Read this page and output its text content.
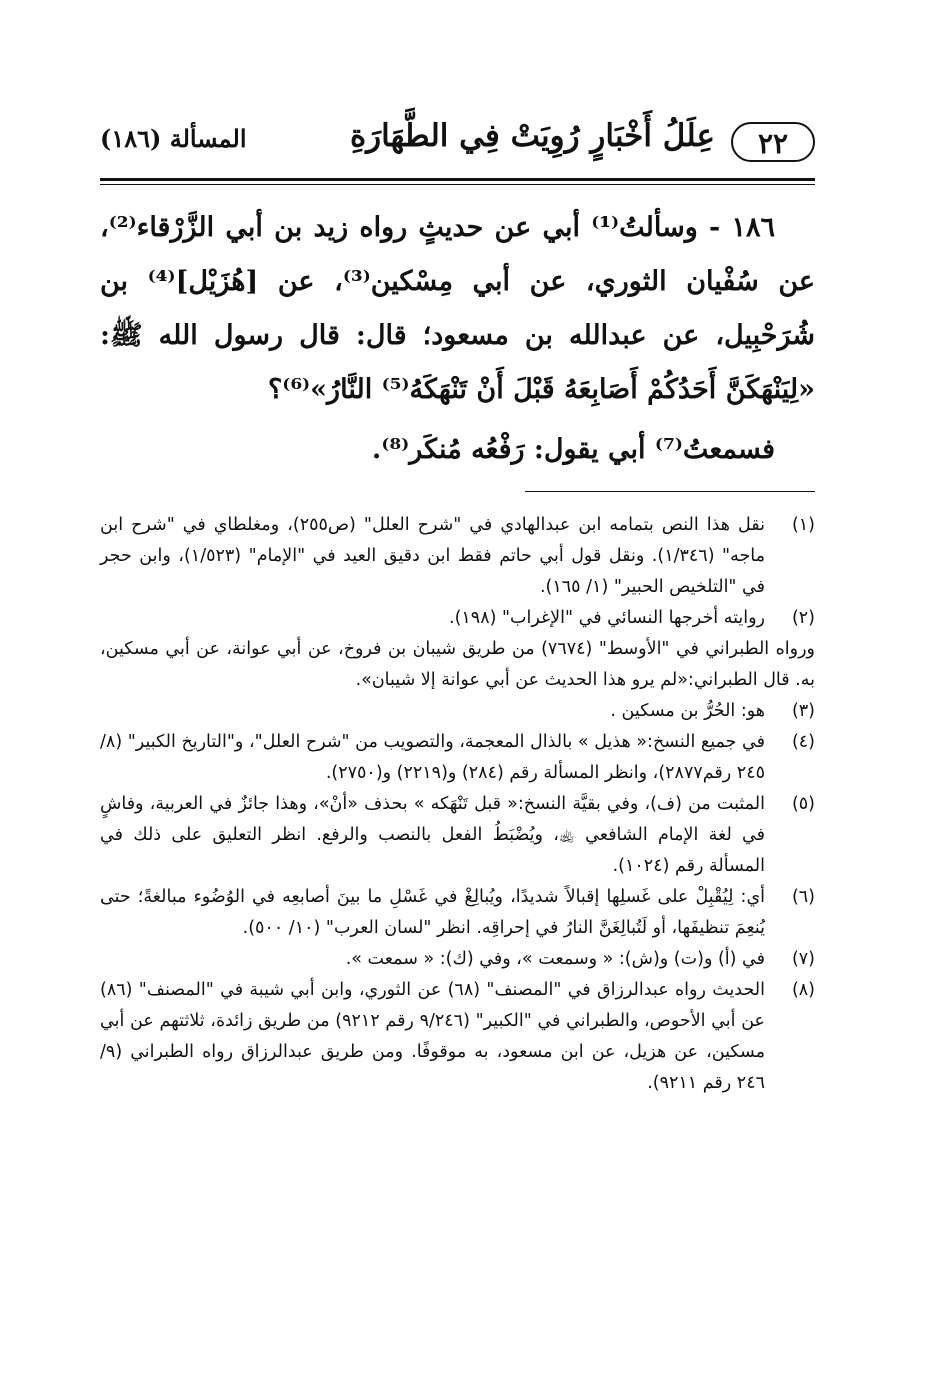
٢٢
عِلَلُ أَخْبَارٍ رُوِيَتْ فِي الطَّهَارَةِ
المسألة (١٨٦)

١٨٦ - وسألتُ⁽¹⁾ أبي عن حديثٍ رواه زيد بن أبي الزَّرْقاء⁽²⁾، عن سُفْيان الثوري، عن أبي مِسْكين⁽³⁾، عن [هُزَيْل]⁽⁴⁾ بن شُرَحْبِيل، عن عبدالله بن مسعود؛ قال: قال رسول الله ﷺ: «لِيَنْهَكَنَّ أَحَدُكُمْ أَصَابِعَهُ قَبْلَ أَنْ تَنْهَكَهُ⁽⁵⁾ النَّارُ»⁽⁶⁾؟

فسمعتُ⁽⁷⁾ أبي يقول: رَفْعُه مُنكَر⁽⁸⁾.

(١)
نقل هذا النص بتمامه ابن عبدالهادي في "شرح العلل" (ص٢٥٥)، ومغلطاي في "شرح ابن ماجه" (١/٣٤٦). ونقل قول أبي حاتم فقط ابن دقيق العيد في "الإمام" (١/٥٢٣)، وابن حجر في "التلخيص الحبير" (١/ ١٦٥).
(٢)
روايته أخرجها النسائي في "الإغراب" (١٩٨).
ورواه الطبراني في "الأوسط" (٧٦٧٤) من طريق شيبان بن فروخ، عن أبي عوانة، عن أبي مسكين، به. قال الطبراني:«لم يرو هذا الحديث عن أبي عوانة إلا شيبان».
(٣)
هو: الحُرُّ بن مسكين .
(٤)
في جميع النسخ:« هذيل » بالذال المعجمة، والتصويب من "شرح العلل"، و"التاريخ الكبير" (٨/ ٢٤٥ رقم٢٨٧٧)، وانظر المسألة رقم (٢٨٤) و(٢٢١٩) و(٢٧٥٠).
(٥)
المثبت من (ف)، وفي بقيَّة النسخ:« قبل تَنْهَكه » بحذف «أنْ»، وهذا جائزٌ في العربية، وفاشٍ في لغة الإمام الشافعي ﵀، ويُضْبَطُ الفعل بالنصب والرفع. انظر التعليق على ذلك في المسألة رقم (١٠٢٤).
(٦)
أي: لِيُقْبِلْ على غَسلِها إقبالاً شديدًا، ويُبالِغْ في غَسْلِ ما بينَ أصابعِه في الوُضُوء مبالغةً؛ حتى يُنعِمَ تنظيفَها، أو لَتُبالِغَنَّ النارُ في إحراقِه. انظر "لسان العرب" (١٠/ ٥٠٠).
(٧)
في (أ) و(ت) و(ش): « وسمعت »، وفي (ك): « سمعت ».
(٨)
الحديث رواه عبدالرزاق في "المصنف" (٦٨) عن الثوري، وابن أبي شيبة في "المصنف" (٨٦) عن أبي الأحوص، والطبراني في "الكبير" (٩/٢٤٦ رقم ٩٢١٢) من طريق زائدة، ثلاثتهم عن أبي مسكين، عن هزيل، عن ابن مسعود، به موقوفًا. ومن طريق عبدالرزاق رواه الطبراني (٩/ ٢٤٦ رقم ٩٢١١).
